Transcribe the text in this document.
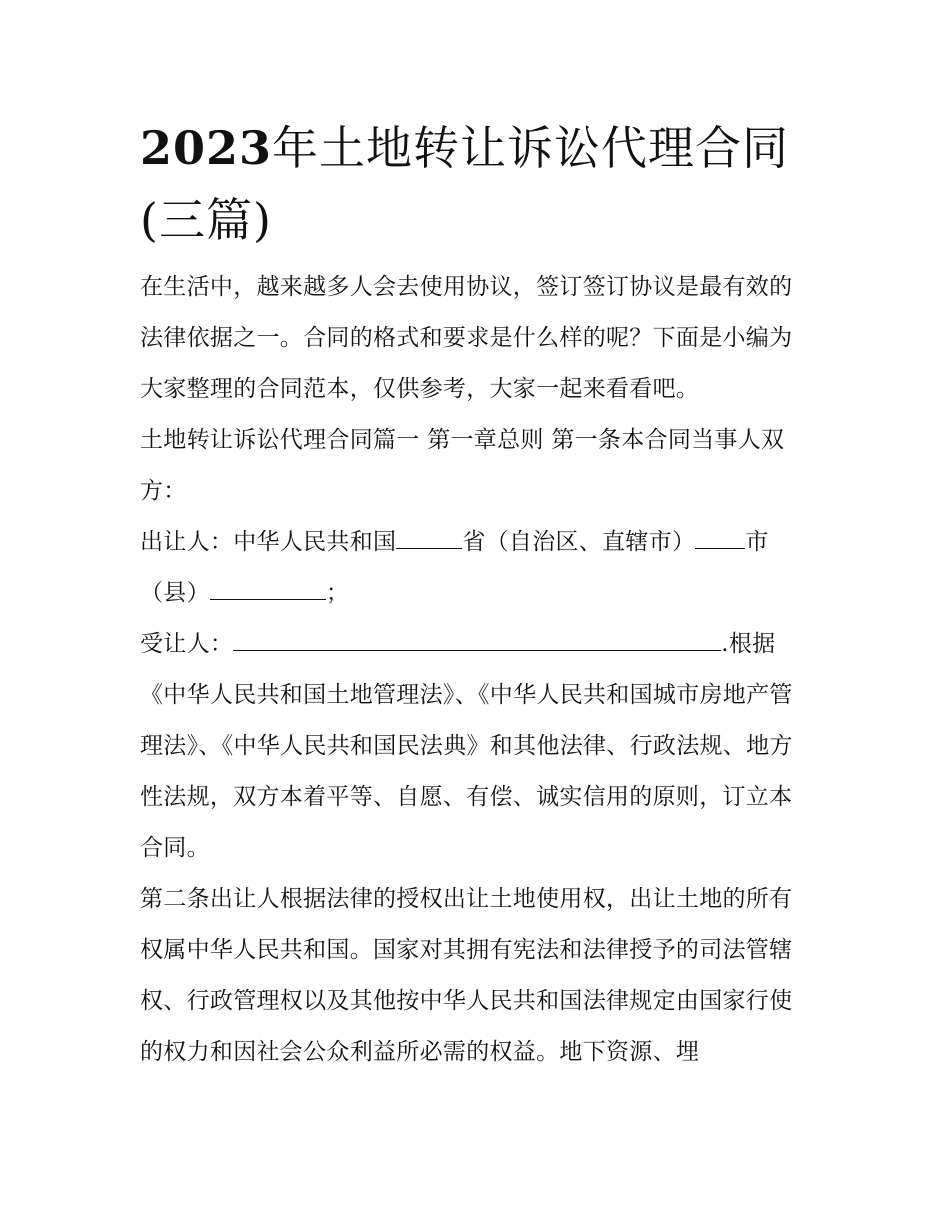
2023年土地转让诉讼代理合同
(三篇)

在生活中，越来越多人会去使用协议，签订签订协议是最有效的法律依据之一。合同的格式和要求是什么样的呢？下面是小编为大家整理的合同范本，仅供参考，大家一起来看看吧。

土地转让诉讼代理合同篇一 第一章总则 第一条本合同当事人双方：

出让人：中华人民共和国	省（自治区、直辖市） 市（县）	；

受让人：	.根据《中华人民共和国土地管理法》、《中华人民共和国城市房地产管理法》、《中华人民共和国民法典》和其他法律、行政法规、地方性法规，双方本着平等、自愿、有偿、诚实信用的原则，订立本合同。

第二条出让人根据法律的授权出让土地使用权，出让土地的所有权属中华人民共和国。国家对其拥有宪法和法律授予的司法管辖权、行政管理权以及其他按中华人民共和国法律规定由国家行使的权力和因社会公众利益所必需的权益。地下资源、埋
